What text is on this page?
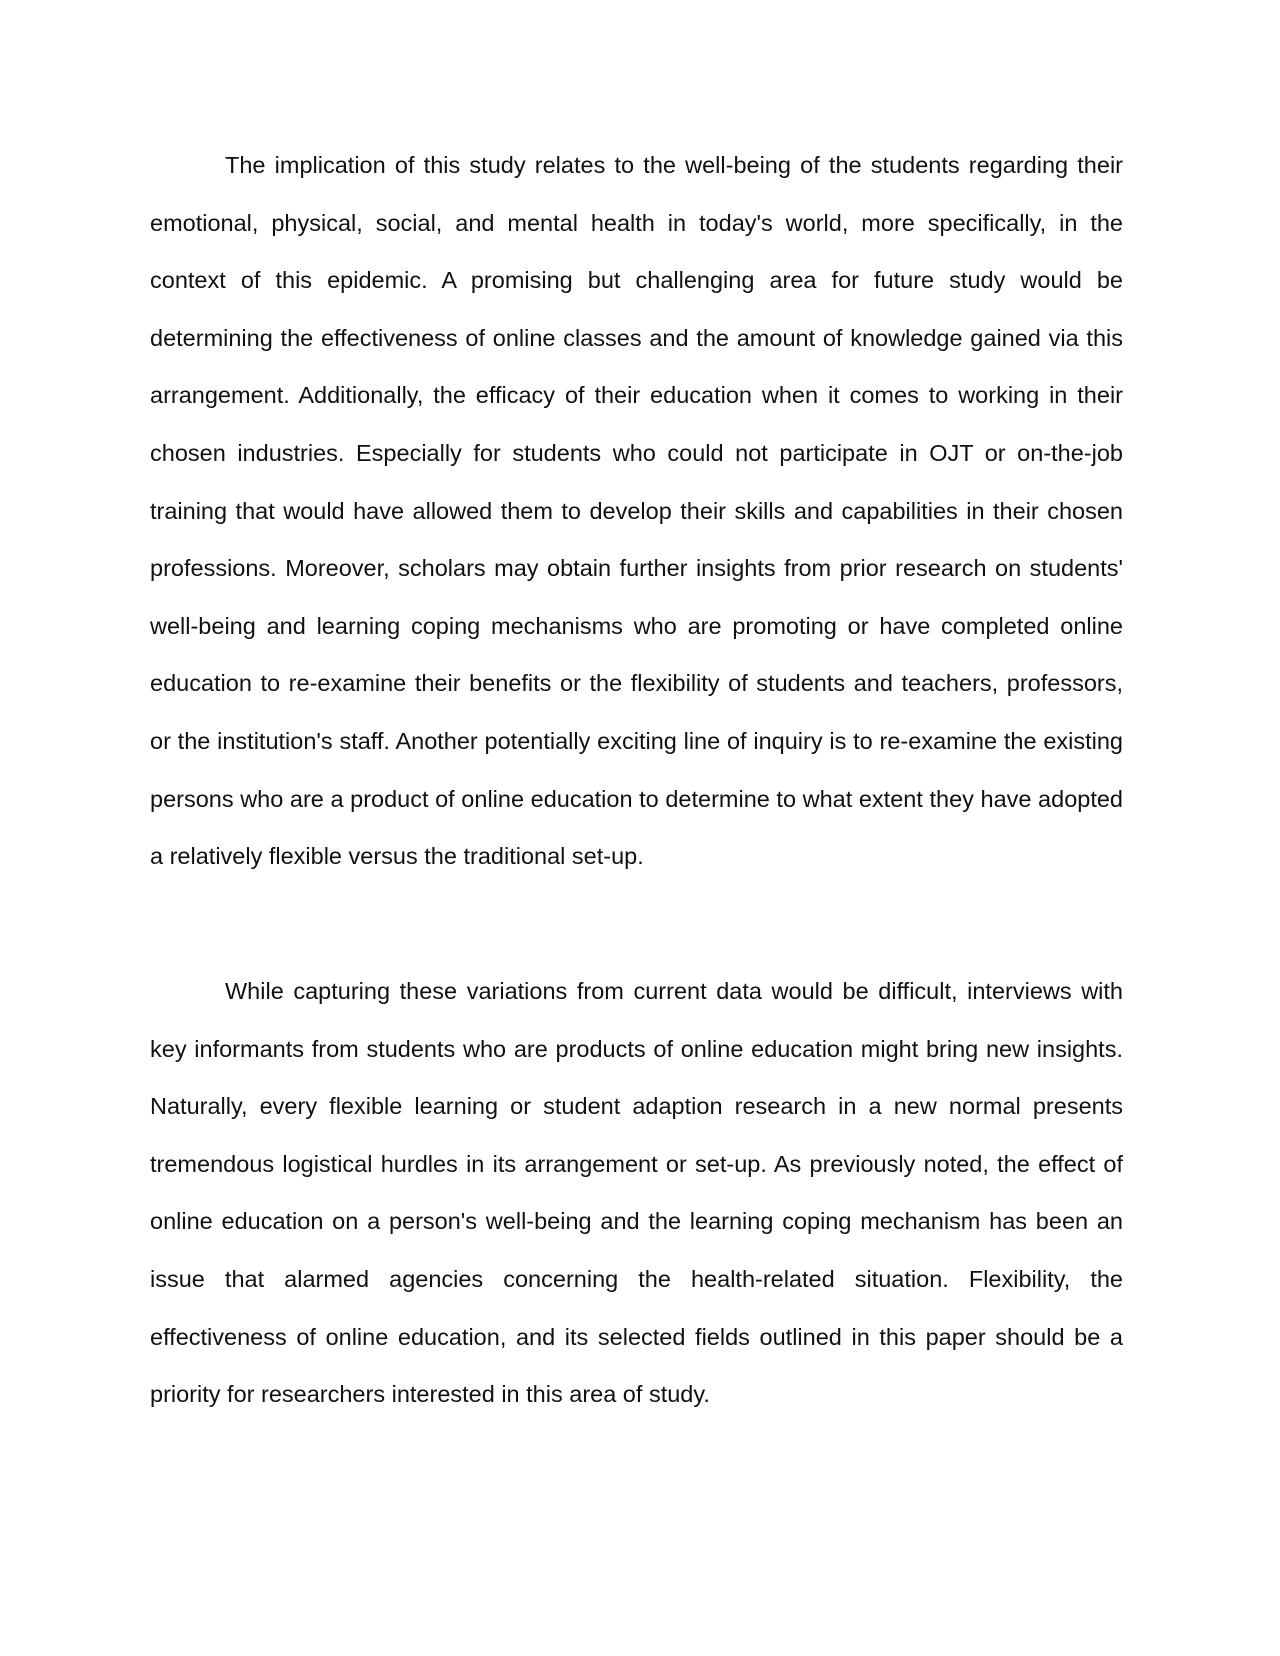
The implication of this study relates to the well-being of the students regarding their emotional, physical, social, and mental health in today's world, more specifically, in the context of this epidemic. A promising but challenging area for future study would be determining the effectiveness of online classes and the amount of knowledge gained via this arrangement. Additionally, the efficacy of their education when it comes to working in their chosen industries. Especially for students who could not participate in OJT or on-the-job training that would have allowed them to develop their skills and capabilities in their chosen professions. Moreover, scholars may obtain further insights from prior research on students' well-being and learning coping mechanisms who are promoting or have completed online education to re-examine their benefits or the flexibility of students and teachers, professors, or the institution's staff. Another potentially exciting line of inquiry is to re-examine the existing persons who are a product of online education to determine to what extent they have adopted a relatively flexible versus the traditional set-up.

While capturing these variations from current data would be difficult, interviews with key informants from students who are products of online education might bring new insights. Naturally, every flexible learning or student adaption research in a new normal presents tremendous logistical hurdles in its arrangement or set-up. As previously noted, the effect of online education on a person's well-being and the learning coping mechanism has been an issue that alarmed agencies concerning the health-related situation. Flexibility, the effectiveness of online education, and its selected fields outlined in this paper should be a priority for researchers interested in this area of study.
